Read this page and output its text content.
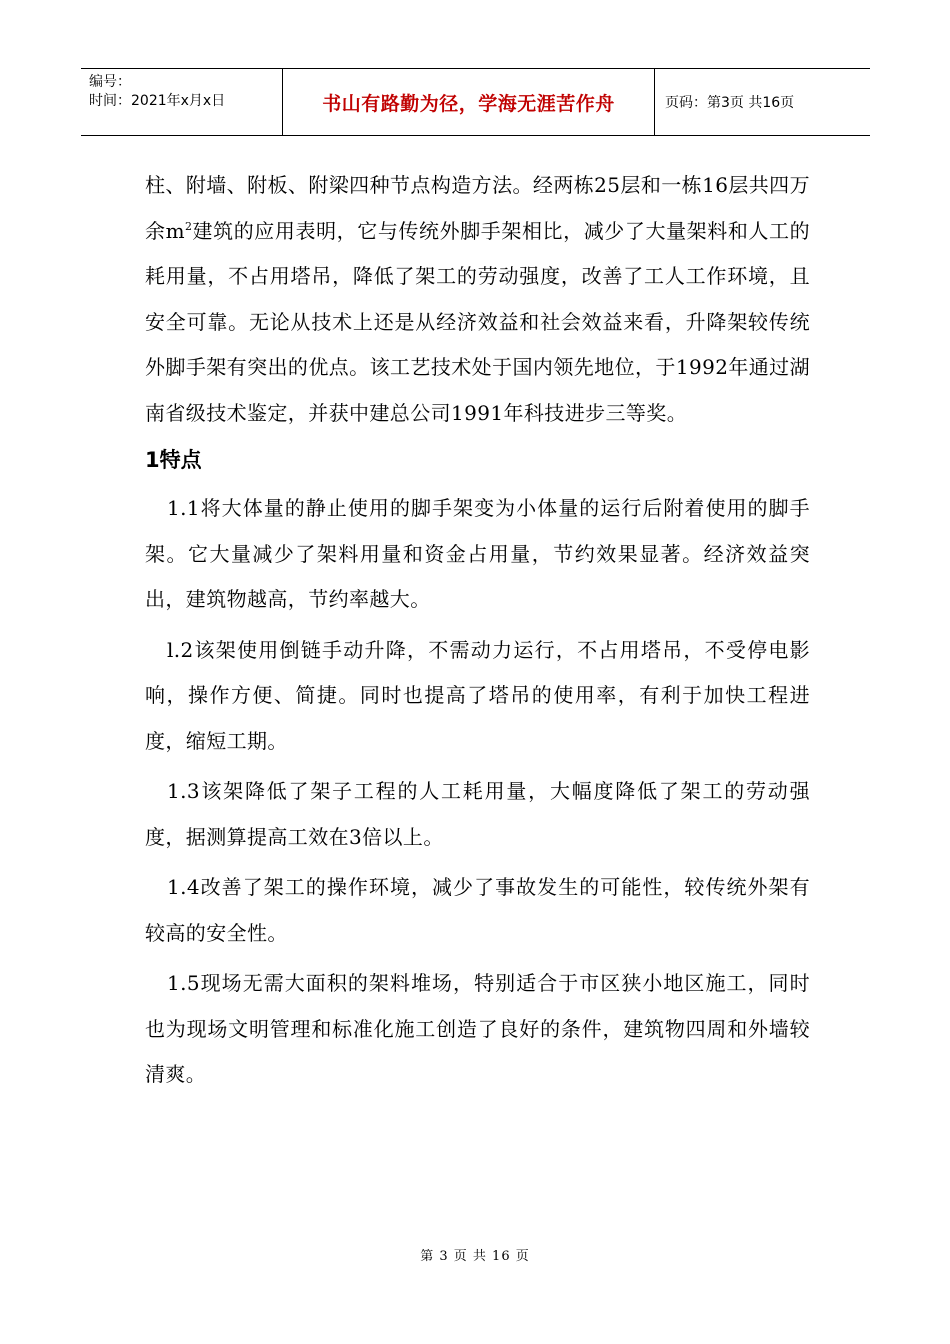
编号：
时间：2021年x月x日	书山有路勤为径，学海无涯苦作舟	页码：第3页 共16页

柱、附墙、附板、附梁四种节点构造方法。经两栋25层和一栋16层共四万余$m^2$建筑的应用表明，它与传统外脚手架相比，减少了大量架料和人工的耗用量，不占用塔吊，降低了架工的劳动强度，改善了工人工作环境，且安全可靠。无论从技术上还是从经济效益和社会效益来看，升降架较传统外脚手架有突出的优点。该工艺技术处于国内领先地位，于1992年通过湖南省级技术鉴定，并获中建总公司1991年科技进步三等奖。

1特点

1.1将大体量的静止使用的脚手架变为小体量的运行后附着使用的脚手架。它大量减少了架料用量和资金占用量，节约效果显著。经济效益突出，建筑物越高，节约率越大。

l.2该架使用倒链手动升降，不需动力运行，不占用塔吊，不受停电影响，操作方便、简捷。同时也提高了塔吊的使用率，有利于加快工程进度，缩短工期。

1.3该架降低了架子工程的人工耗用量，大幅度降低了架工的劳动强度，据测算提高工效在3倍以上。

1.4改善了架工的操作环境，减少了事故发生的可能性，较传统外架有较高的安全性。

1.5现场无需大面积的架料堆场，特别适合于市区狭小地区施工，同时也为现场文明管理和标准化施工创造了良好的条件，建筑物四周和外墙较清爽。

第 3 页 共 16 页
